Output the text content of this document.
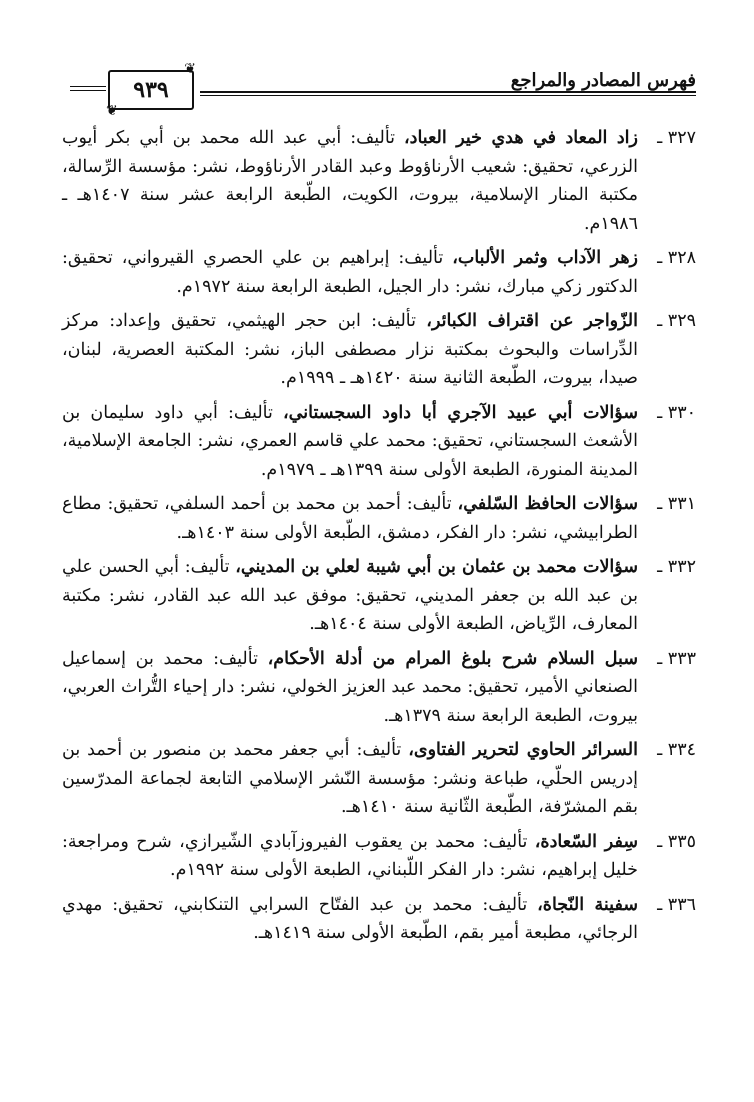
فهرس المصادر والمراجع
❦
٩٣٩
❦
٣٢٧ ـ
زاد المعاد في هدي خير العباد، تأليف: أبي عبد الله محمد بن أبي بكر أيوب الزرعي، تحقيق: شعيب الأرناؤوط وعبد القادر الأرناؤوط، نشر: مؤسسة الرِّسالة، مكتبة المنار الإسلامية، بيروت، الكويت، الطّبعة الرابعة عشر سنة ١٤٠٧هـ ـ ١٩٨٦م.
٣٢٨ ـ
زهر الآداب وثمر الألباب، تأليف: إبراهيم بن علي الحصري القيرواني، تحقيق: الدكتور زكي مبارك، نشر: دار الجيل، الطبعة الرابعة سنة ١٩٧٢م.
٣٢٩ ـ
الزّواجر عن اقتراف الكبائر، تأليف: ابن حجر الهيثمي، تحقيق وإعداد: مركز الدِّراسات والبحوث بمكتبة نزار مصطفى الباز، نشر: المكتبة العصرية، لبنان، صيدا، بيروت، الطّبعة الثانية سنة ١٤٢٠هـ ـ ١٩٩٩م.
٣٣٠ ـ
سؤالات أبي عبيد الآجري أبا داود السجستاني، تأليف: أبي داود سليمان بن الأشعث السجستاني، تحقيق: محمد علي قاسم العمري، نشر: الجامعة الإسلامية، المدينة المنورة، الطبعة الأولى سنة ١٣٩٩هـ ـ ١٩٧٩م.
٣٣١ ـ
سؤالات الحافظ السّلفي، تأليف: أحمد بن محمد بن أحمد السلفي، تحقيق: مطاع الطرابيشي، نشر: دار الفكر، دمشق، الطّبعة الأولى سنة ١٤٠٣هـ.
٣٣٢ ـ
سؤالات محمد بن عثمان بن أبي شيبة لعلي بن المديني، تأليف: أبي الحسن علي بن عبد الله بن جعفر المديني، تحقيق: موفق عبد الله عبد القادر، نشر: مكتبة المعارف، الرِّياض، الطبعة الأولى سنة ١٤٠٤هـ.
٣٣٣ ـ
سبل السلام شرح بلوغ المرام من أدلة الأحكام، تأليف: محمد بن إسماعيل الصنعاني الأمير، تحقيق: محمد عبد العزيز الخولي، نشر: دار إحياء التُّراث العربي، بيروت، الطبعة الرابعة سنة ١٣٧٩هـ.
٣٣٤ ـ
السرائر الحاوي لتحرير الفتاوى، تأليف: أبي جعفر محمد بن منصور بن أحمد بن إدريس الحلّي، طباعة ونشر: مؤسسة النّشر الإسلامي التابعة لجماعة المدرّسين بقم المشرّفة، الطّبعة الثّانية سنة ١٤١٠هـ.
٣٣٥ ـ
سِفر السّعادة، تأليف: محمد بن يعقوب الفيروزآبادي الشّيرازي، شرح ومراجعة: خليل إبراهيم، نشر: دار الفكر اللّبناني، الطبعة الأولى سنة ١٩٩٢م.
٣٣٦ ـ
سفينة النّجاة، تأليف: محمد بن عبد الفتّاح السرابي التنكابني، تحقيق: مهدي الرجائي، مطبعة أمير بقم، الطّبعة الأولى سنة ١٤١٩هـ.
